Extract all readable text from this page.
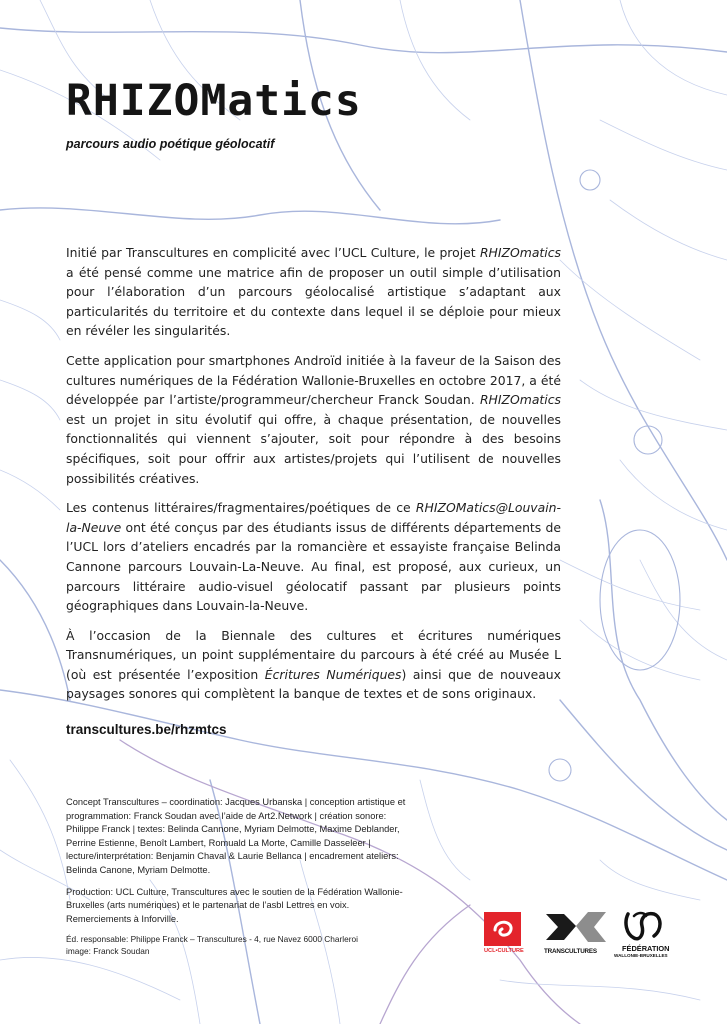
RHIZOMatics
parcours audio poétique géolocatif

Initié par Transcultures en complicité avec l’UCL Culture, le projet RHIZOmatics a été pensé comme une matrice afin de proposer un outil simple d’utilisation pour l’élaboration d’un parcours géolocalisé artistique s’adaptant aux particularités du territoire et du contexte dans lequel il se déploie pour mieux en révéler les singularités.

Cette application pour smartphones Androïd initiée à la faveur de la Saison des cultures numériques de la Fédération Wallonie-Bruxelles en octobre 2017, a été développée par l’artiste/programmeur/chercheur Franck Soudan. RHIZOmatics est un projet in situ évolutif qui offre, à chaque présentation, de nouvelles fonctionnalités qui viennent s’ajouter, soit pour répondre à des besoins spécifiques, soit pour offrir aux artistes/projets qui l’utilisent de nouvelles possibilités créatives.

Les contenus littéraires/fragmentaires/poétiques de ce RHIZOMatics@Louvain-la-Neuve ont été conçus par des étudiants issus de différents départements de l’UCL lors d’ateliers encadrés par la romancière et essayiste française Belinda Cannone parcours Louvain-La-Neuve. Au final, est proposé, aux curieux, un parcours littéraire audio-visuel géolocatif passant par plusieurs points géographiques dans Louvain-la-Neuve.

À l’occasion de la Biennale des cultures et écritures numériques Transnumériques, un point supplémentaire du parcours à été créé au Musée L (où est présentée l’exposition Écritures Numériques) ainsi que de nouveaux paysages sonores qui complètent la banque de textes et de sons originaux.

transcultures.be/rhzmtcs

Concept Transcultures – coordination: Jacques Urbanska | conception artistique et programmation: Franck Soudan avec l’aide de Art2.Network | création sonore: Philippe Franck | textes: Belinda Cannone, Myriam Delmotte, Maxime Deblander, Perrine Estienne, Benoît Lambert, Romuald La Morte, Camille Dasseleer | lecture/interprétation: Benjamin Chaval & Laurie Bellanca | encadrement ateliers: Belinda Canone, Myriam Delmotte.

Production: UCL Culture, Transcultures avec le soutien de la Fédération Wallonie-Bruxelles (arts numériques) et le partenariat de l’asbl Lettres en voix. Remerciements à Inforville.

Éd. responsable: Philippe Franck – Transcultures - 4, rue Navez 6000 Charleroi
image: Franck Soudan	UCL•CULTURE	TRANSCULTURES	FÉDÉRATION
WALLONIE-BRUXELLES
